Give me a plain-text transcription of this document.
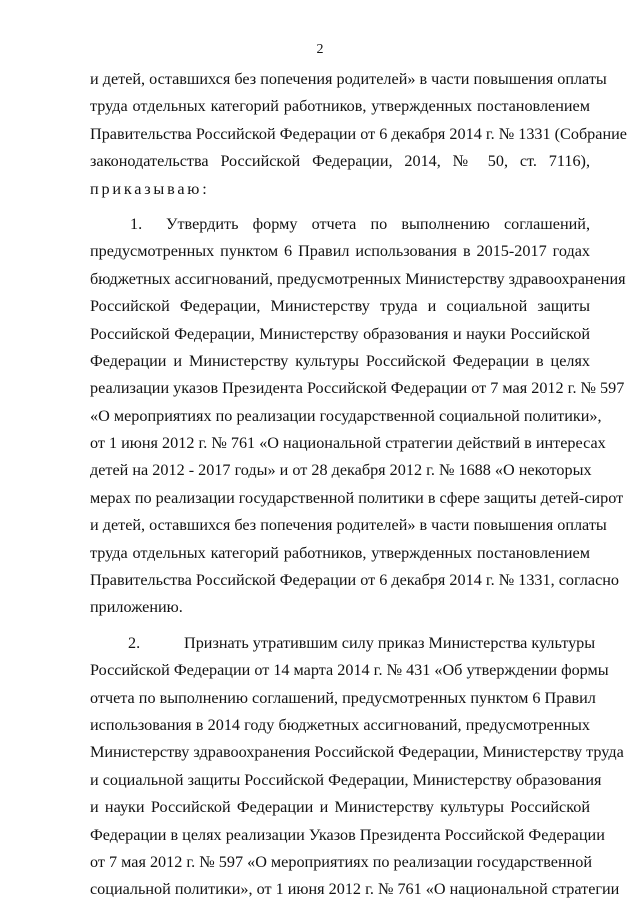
2
и детей, оставшихся без попечения родителей» в части повышения оплаты
труда отдельных категорий работников, утвержденных постановлением
Правительства Российской Федерации от 6 декабря 2014 г. № 1331 (Собрание
законодательства Российской Федерации, 2014, № 50, ст. 7116),
приказываю:
1. Утвердить форму отчета по выполнению соглашений,
предусмотренных пунктом 6 Правил использования в 2015-2017 годах
бюджетных ассигнований, предусмотренных Министерству здравоохранения
Российской Федерации, Министерству труда и социальной защиты
Российской Федерации, Министерству образования и науки Российской
Федерации и Министерству культуры Российской Федерации в целях
реализации указов Президента Российской Федерации от 7 мая 2012 г. № 597
«О мероприятиях по реализации государственной социальной политики»,
от 1 июня 2012 г. № 761 «О национальной стратегии действий в интересах
детей на 2012 - 2017 годы» и от 28 декабря 2012 г. № 1688 «О некоторых
мерах по реализации государственной политики в сфере защиты детей-сирот
и детей, оставшихся без попечения родителей» в части повышения оплаты
труда отдельных категорий работников, утвержденных постановлением
Правительства Российской Федерации от 6 декабря 2014 г. № 1331, согласно
приложению.
2.	Признать утратившим силу приказ Министерства культуры
Российской Федерации от 14 марта 2014 г. № 431 «Об утверждении формы
отчета по выполнению соглашений, предусмотренных пунктом 6 Правил
использования в 2014 году бюджетных ассигнований, предусмотренных
Министерству здравоохранения Российской Федерации, Министерству труда
и социальной защиты Российской Федерации, Министерству образования
и науки Российской Федерации и Министерству культуры Российской
Федерации в целях реализации Указов Президента Российской Федерации
от 7 мая 2012 г. № 597 «О мероприятиях по реализации государственной
социальной политики», от 1 июня 2012 г. № 761 «О национальной стратегии
